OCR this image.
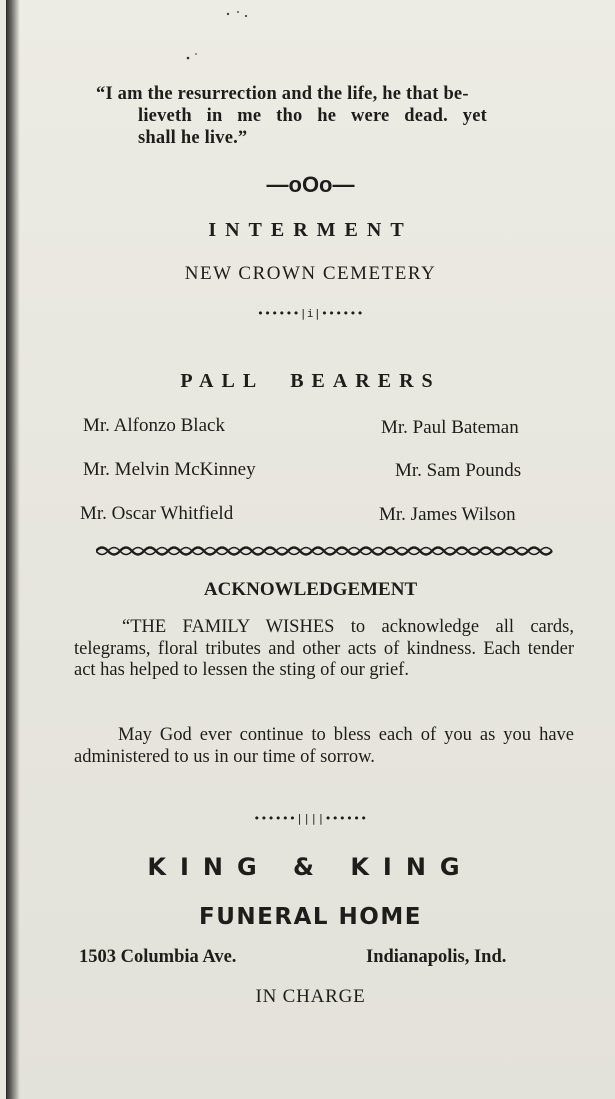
“I am the resurrection and the life, he that be-
lieveth in me tho he were dead. yet
shall he live.”
—oOo—
INTERMENT
NEW CROWN CEMETERY
••••••|i|••••••
PALL BEARERS
Mr. Alfonzo Black
Mr. Melvin McKinney
Mr. Oscar Whitfield
Mr. Paul Bateman
Mr. Sam Pounds
Mr. James Wilson
ACKNOWLEDGEMENT
“THE FAMILY WISHES to acknowledge all cards, telegrams, floral tributes and other acts of kindness. Each tender act has helped to lessen the sting of our grief.
May God ever continue to bless each of you as you have administered to us in our time of sorrow.
••••••||||••••••
KING & KING
FUNERAL HOME
1503 Columbia Ave.	Indianapolis, Ind.
IN CHARGE
